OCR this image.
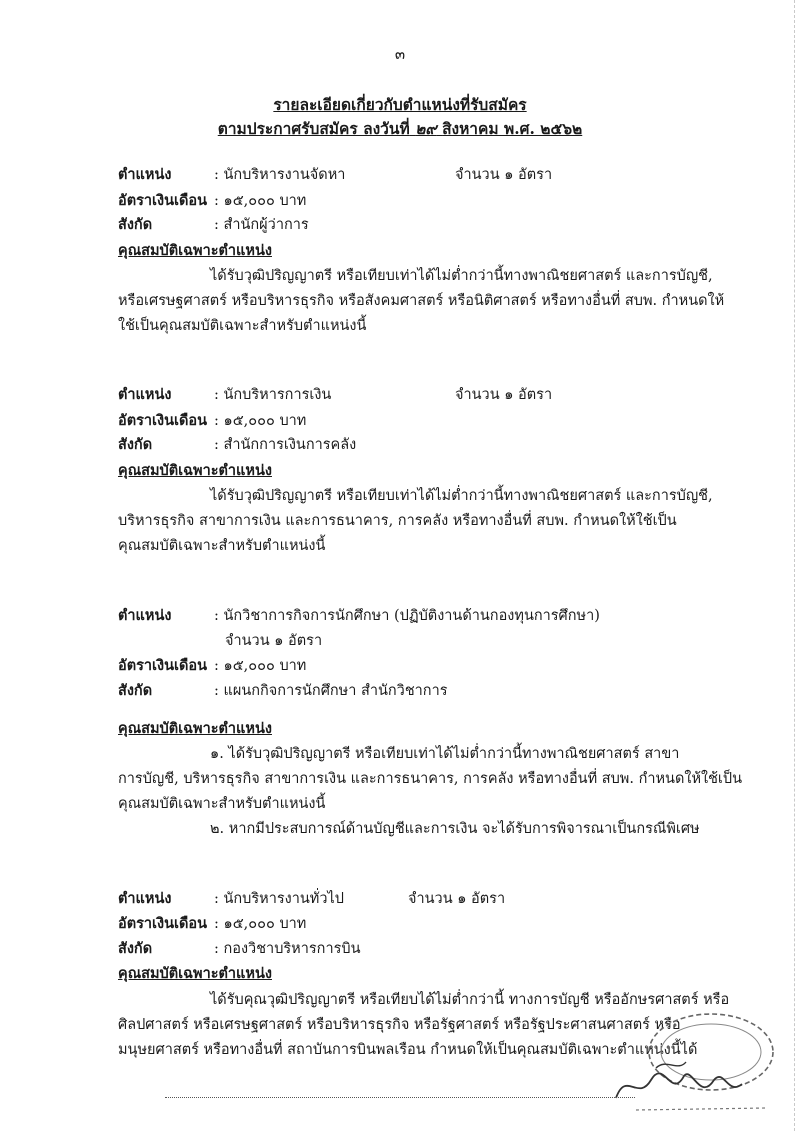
๓
รายละเอียดเกี่ยวกับตำแหน่งที่รับสมัคร
ตามประกาศรับสมัคร ลงวันที่ ๒๙ สิงหาคม พ.ศ. ๒๕๖๒
ตำแหน่ง	: นักบริหารงานจัดหา	จำนวน ๑ อัตรา
อัตราเงินเดือน : ๑๕,๐๐๐ บาท
สังกัด	: สำนักผู้ว่าการ
คุณสมบัติเฉพาะตำแหน่ง
ได้รับวุฒิปริญญาตรี หรือเทียบเท่าได้ไม่ต่ำกว่านี้ทางพาณิชยศาสตร์ และการบัญชี,
หรือเศรษฐศาสตร์ หรือบริหารธุรกิจ หรือสังคมศาสตร์ หรือนิติศาสตร์ หรือทางอื่นที่ สบพ. กำหนดให้
ใช้เป็นคุณสมบัติเฉพาะสำหรับตำแหน่งนี้
ตำแหน่ง	: นักบริหารการเงิน	จำนวน ๑ อัตรา
อัตราเงินเดือน : ๑๕,๐๐๐ บาท
สังกัด	: สำนักการเงินการคลัง
คุณสมบัติเฉพาะตำแหน่ง
ได้รับวุฒิปริญญาตรี หรือเทียบเท่าได้ไม่ต่ำกว่านี้ทางพาณิชยศาสตร์ และการบัญชี,
บริหารธุรกิจ สาขาการเงิน และการธนาคาร, การคลัง หรือทางอื่นที่ สบพ. กำหนดให้ใช้เป็น
คุณสมบัติเฉพาะสำหรับตำแหน่งนี้
ตำแหน่ง	: นักวิชาการกิจการนักศึกษา (ปฏิบัติงานด้านกองทุนการศึกษา)
จำนวน ๑ อัตรา
อัตราเงินเดือน : ๑๕,๐๐๐ บาท
สังกัด	: แผนกกิจการนักศึกษา สำนักวิชาการ
คุณสมบัติเฉพาะตำแหน่ง
๑. ได้รับวุฒิปริญญาตรี หรือเทียบเท่าได้ไม่ต่ำกว่านี้ทางพาณิชยศาสตร์ สาขา
การบัญชี, บริหารธุรกิจ สาขาการเงิน และการธนาคาร, การคลัง หรือทางอื่นที่ สบพ. กำหนดให้ใช้เป็น
คุณสมบัติเฉพาะสำหรับตำแหน่งนี้
๒. หากมีประสบการณ์ด้านบัญชีและการเงิน จะได้รับการพิจารณาเป็นกรณีพิเศษ
ตำแหน่ง	: นักบริหารงานทั่วไป	จำนวน ๑ อัตรา
อัตราเงินเดือน : ๑๕,๐๐๐ บาท
สังกัด	: กองวิชาบริหารการบิน
คุณสมบัติเฉพาะตำแหน่ง
ได้รับคุณวุฒิปริญญาตรี หรือเทียบได้ไม่ต่ำกว่านี้ ทางการบัญชี หรืออักษรศาสตร์ หรือ
ศิลปศาสตร์ หรือเศรษฐศาสตร์ หรือบริหารธุรกิจ หรือรัฐศาสตร์ หรือรัฐประศาสนศาสตร์ หรือ
มนุษยศาสตร์ หรือทางอื่นที่ สถาบันการบินพลเรือน กำหนดให้เป็นคุณสมบัติเฉพาะตำแหน่งนี้ได้
